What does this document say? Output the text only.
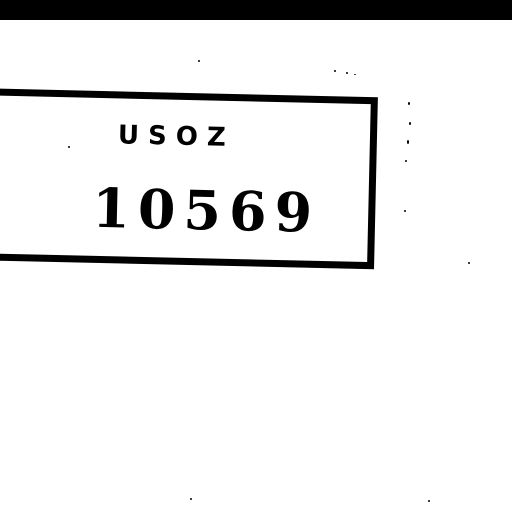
USOZ
10569
